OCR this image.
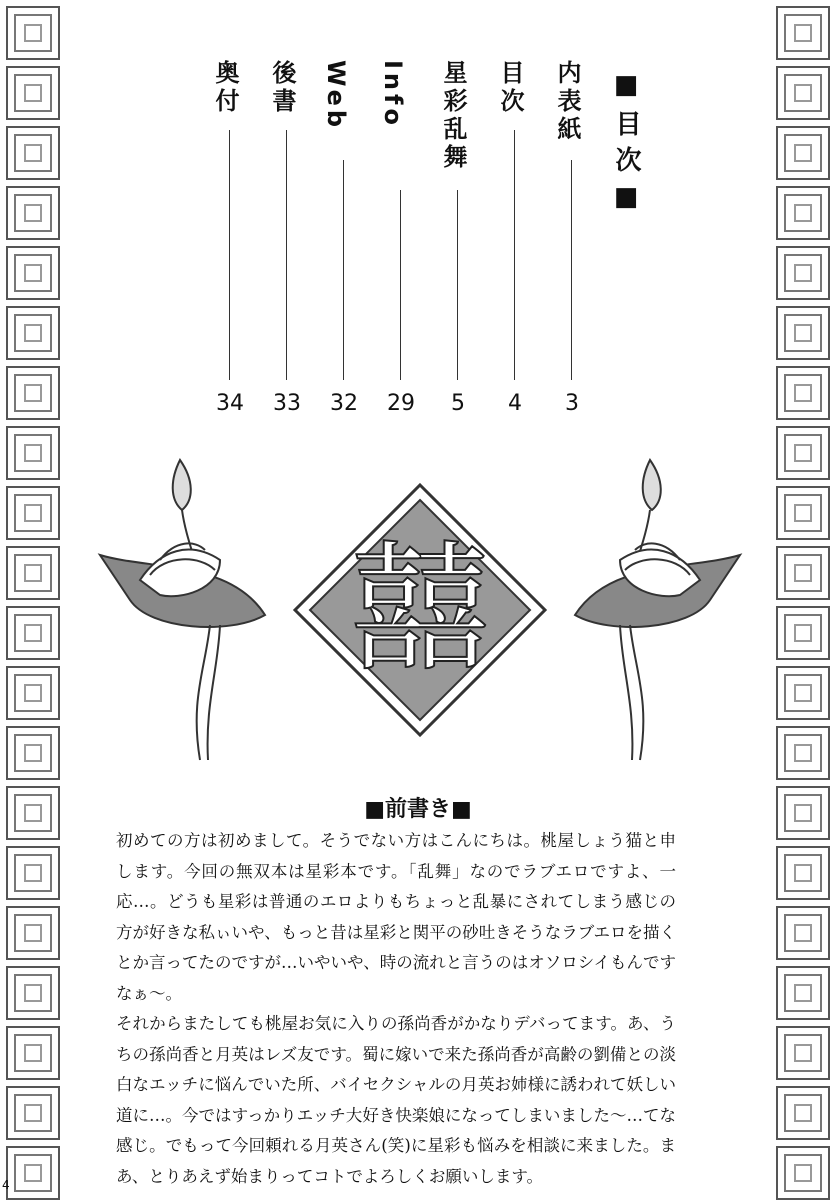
■目次■
内表紙
3
目次
4
星彩乱舞
5
Info
29
Web
32
後書
33
奥付
34
囍
■前書き■

初めての方は初めまして。そうでない方はこんにちは。桃屋しょう猫と申します。今回の無双本は星彩本です。「乱舞」なのでラブエロですよ、一応…。どうも星彩は普通のエロよりもちょっと乱暴にされてしまう感じの方が好きな私ぃいや、もっと昔は星彩と関平の砂吐きそうなラブエロを描くとか言ってたのですが…いやいや、時の流れと言うのはオソロシイもんですなぁ〜。

それからまたしても桃屋お気に入りの孫尚香がかなりデバってます。あ、うちの孫尚香と月英はレズ友です。蜀に嫁いで来た孫尚香が高齢の劉備との淡白なエッチに悩んでいた所、バイセクシャルの月英お姉様に誘われて妖しい道に…。今ではすっかりエッチ大好き快楽娘になってしまいました〜…てな感じ。でもって今回頼れる月英さん(笑)に星彩も悩みを相談に来ました。まあ、とりあえず始まりってコトでよろしくお願いします。

4
